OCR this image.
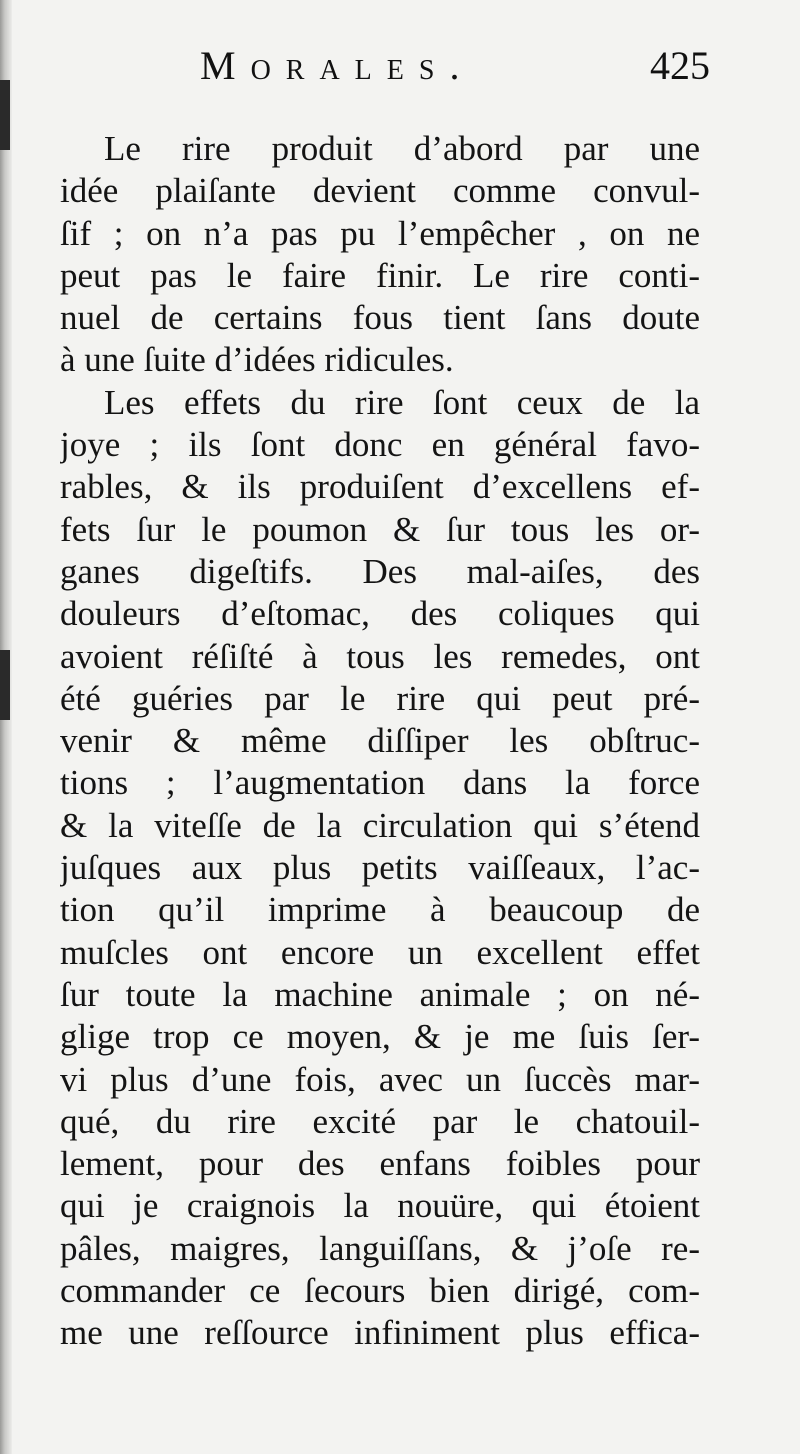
Morales.	425
Le rire produit d’abord par une
idée plaiſante devient comme convul-
ſif ; on n’a pas pu l’empêcher , on ne
peut pas le faire finir. Le rire conti-
nuel de certains fous tient ſans doute
à une ſuite d’idées ridicules.
Les effets du rire ſont ceux de la
joye ; ils ſont donc en général favo-
rables, & ils produiſent d’excellens ef-
fets ſur le poumon & ſur tous les or-
ganes digeſtifs. Des mal-aiſes, des
douleurs d’eſtomac, des coliques qui
avoient réſiſté à tous les remedes, ont
été guéries par le rire qui peut pré-
venir & même diſſiper les obſtruc-
tions ; l’augmentation dans la force
& la viteſſe de la circulation qui s’étend
juſques aux plus petits vaiſſeaux, l’ac-
tion qu’il imprime à beaucoup de
muſcles ont encore un excellent effet
ſur toute la machine animale ; on né-
glige trop ce moyen, & je me ſuis ſer-
vi plus d’une fois, avec un ſuccès mar-
qué, du rire excité par le chatouil-
lement, pour des enfans foibles pour
qui je craignois la nouüre, qui étoient
pâles, maigres, languiſſans, & j’oſe re-
commander ce ſecours bien dirigé, com-
me une reſſource infiniment plus effica-
